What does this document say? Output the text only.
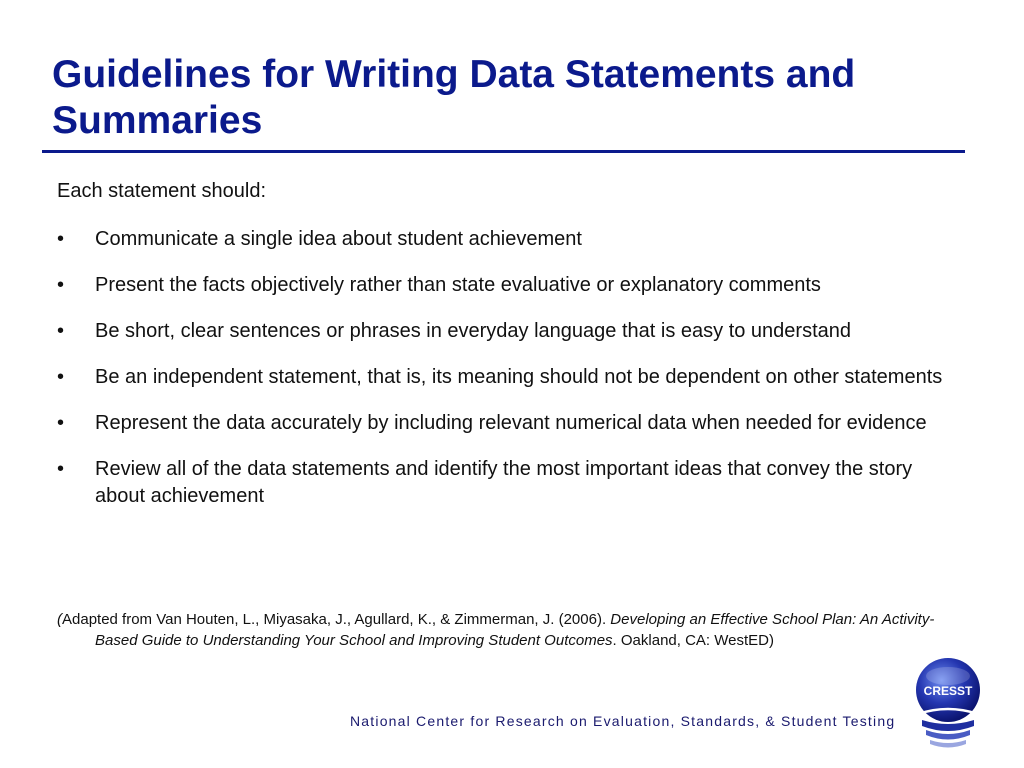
Guidelines for Writing Data Statements and Summaries
Each statement should:
• Communicate a single idea about student achievement
• Present the facts objectively rather than state evaluative or explanatory comments
• Be short, clear sentences or phrases in everyday language that is easy to understand
• Be an independent statement, that is, its meaning should not be dependent on other statements
• Represent the data accurately by including relevant numerical data when needed for evidence
• Review all of the data statements and identify the most important ideas that convey the story about achievement
(Adapted from Van Houten, L., Miyasaka, J., Agullard, K., & Zimmerman, J. (2006). Developing an Effective School Plan: An Activity-Based Guide to Understanding Your School and Improving Student Outcomes. Oakland, CA: WestED)
National Center for Research on Evaluation, Standards, & Student Testing
CRESST
